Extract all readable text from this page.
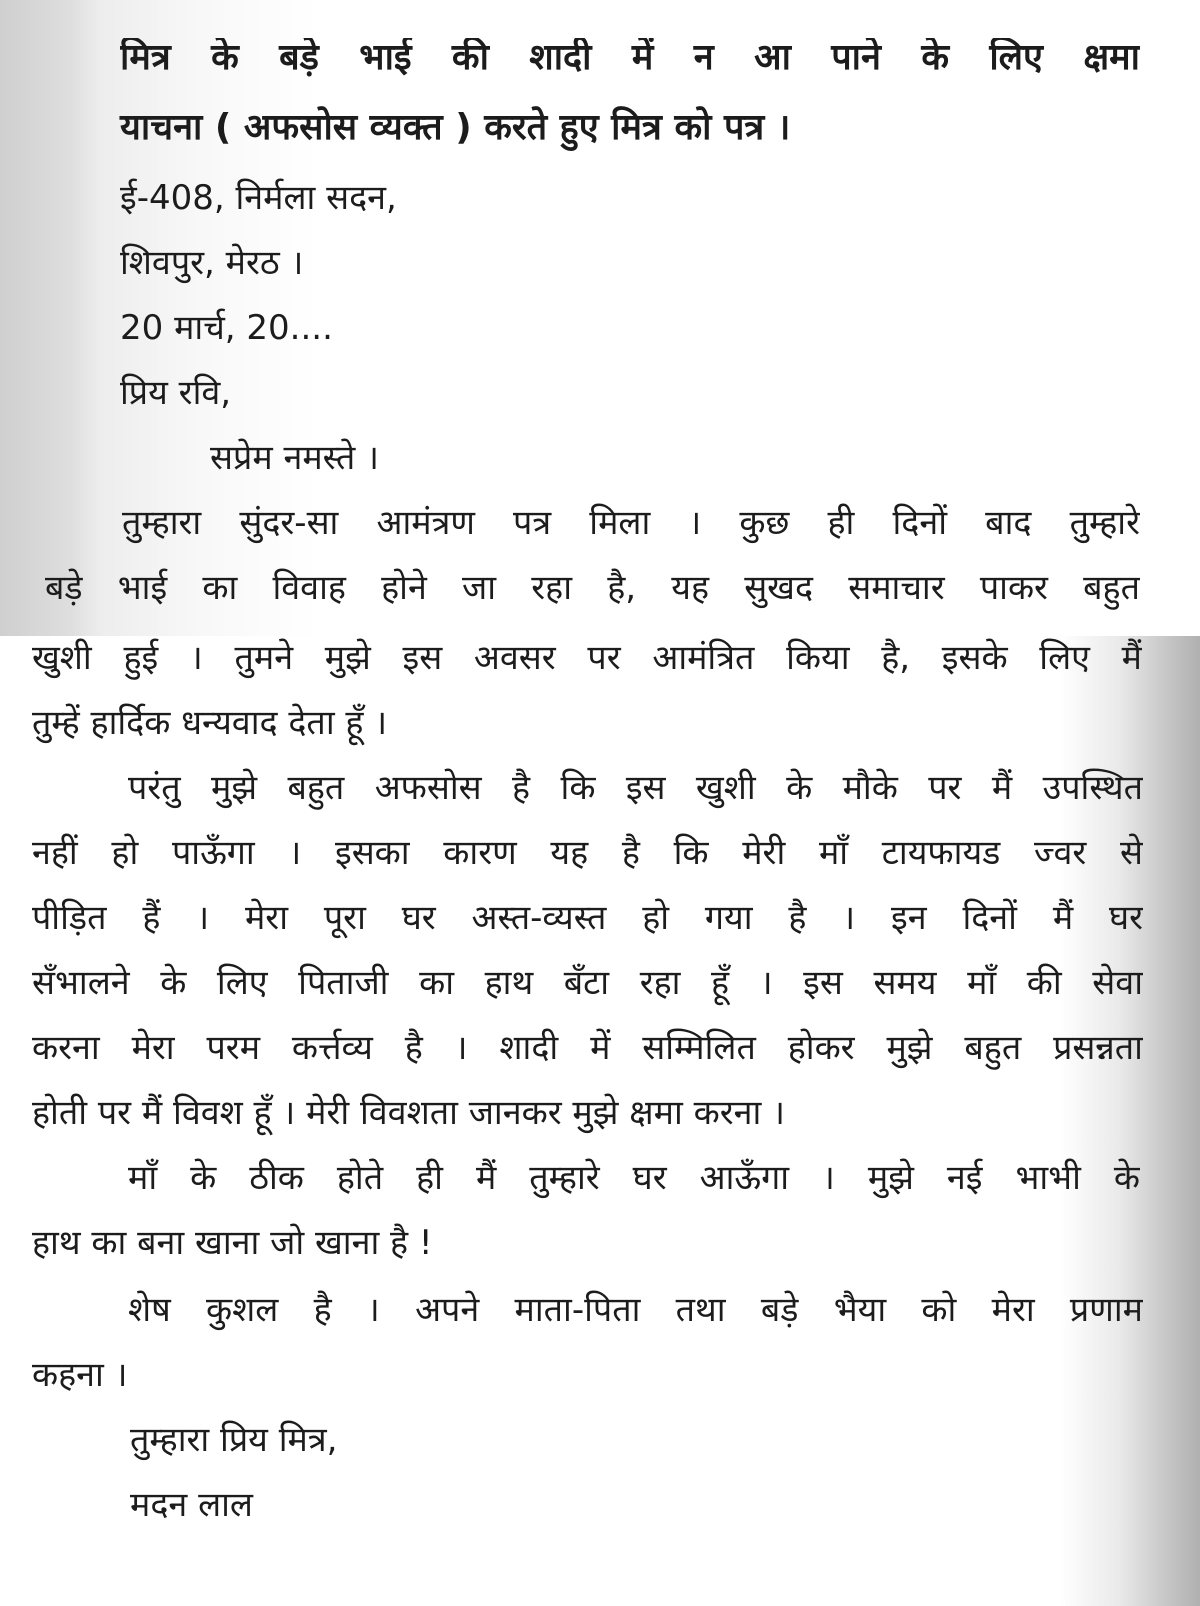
मित्र के बड़े भाई की शादी में न आ पाने के लिए क्षमा
याचना ( अफसोस व्यक्त ) करते हुए मित्र को पत्र ।
ई-408, निर्मला सदन,
शिवपुर, मेरठ ।
20 मार्च, 20....
प्रिय रवि,
सप्रेम नमस्ते ।
तुम्हारा सुंदर-सा आमंत्रण पत्र मिला । कुछ ही दिनों बाद तुम्हारे
बड़े भाई का विवाह होने जा रहा है, यह सुखद समाचार पाकर बहुत
खुशी हुई । तुमने मुझे इस अवसर पर आमंत्रित किया है, इसके लिए मैं
तुम्हें हार्दिक धन्यवाद देता हूँ ।
परंतु मुझे बहुत अफसोस है कि इस खुशी के मौके पर मैं उपस्थित
नहीं हो पाऊँगा । इसका कारण यह है कि मेरी माँ टायफायड ज्वर से
पीड़ित हैं । मेरा पूरा घर अस्त-व्यस्त हो गया है । इन दिनों मैं घर
सँभालने के लिए पिताजी का हाथ बँटा रहा हूँ । इस समय माँ की सेवा
करना मेरा परम कर्त्तव्य है । शादी में सम्मिलित होकर मुझे बहुत प्रसन्नता
होती पर मैं विवश हूँ । मेरी विवशता जानकर मुझे क्षमा करना ।
माँ के ठीक होते ही मैं तुम्हारे घर आऊँगा । मुझे नई भाभी के
हाथ का बना खाना जो खाना है !
शेष कुशल है । अपने माता-पिता तथा बड़े भैया को मेरा प्रणाम
कहना ।
तुम्हारा प्रिय मित्र,
मदन लाल
